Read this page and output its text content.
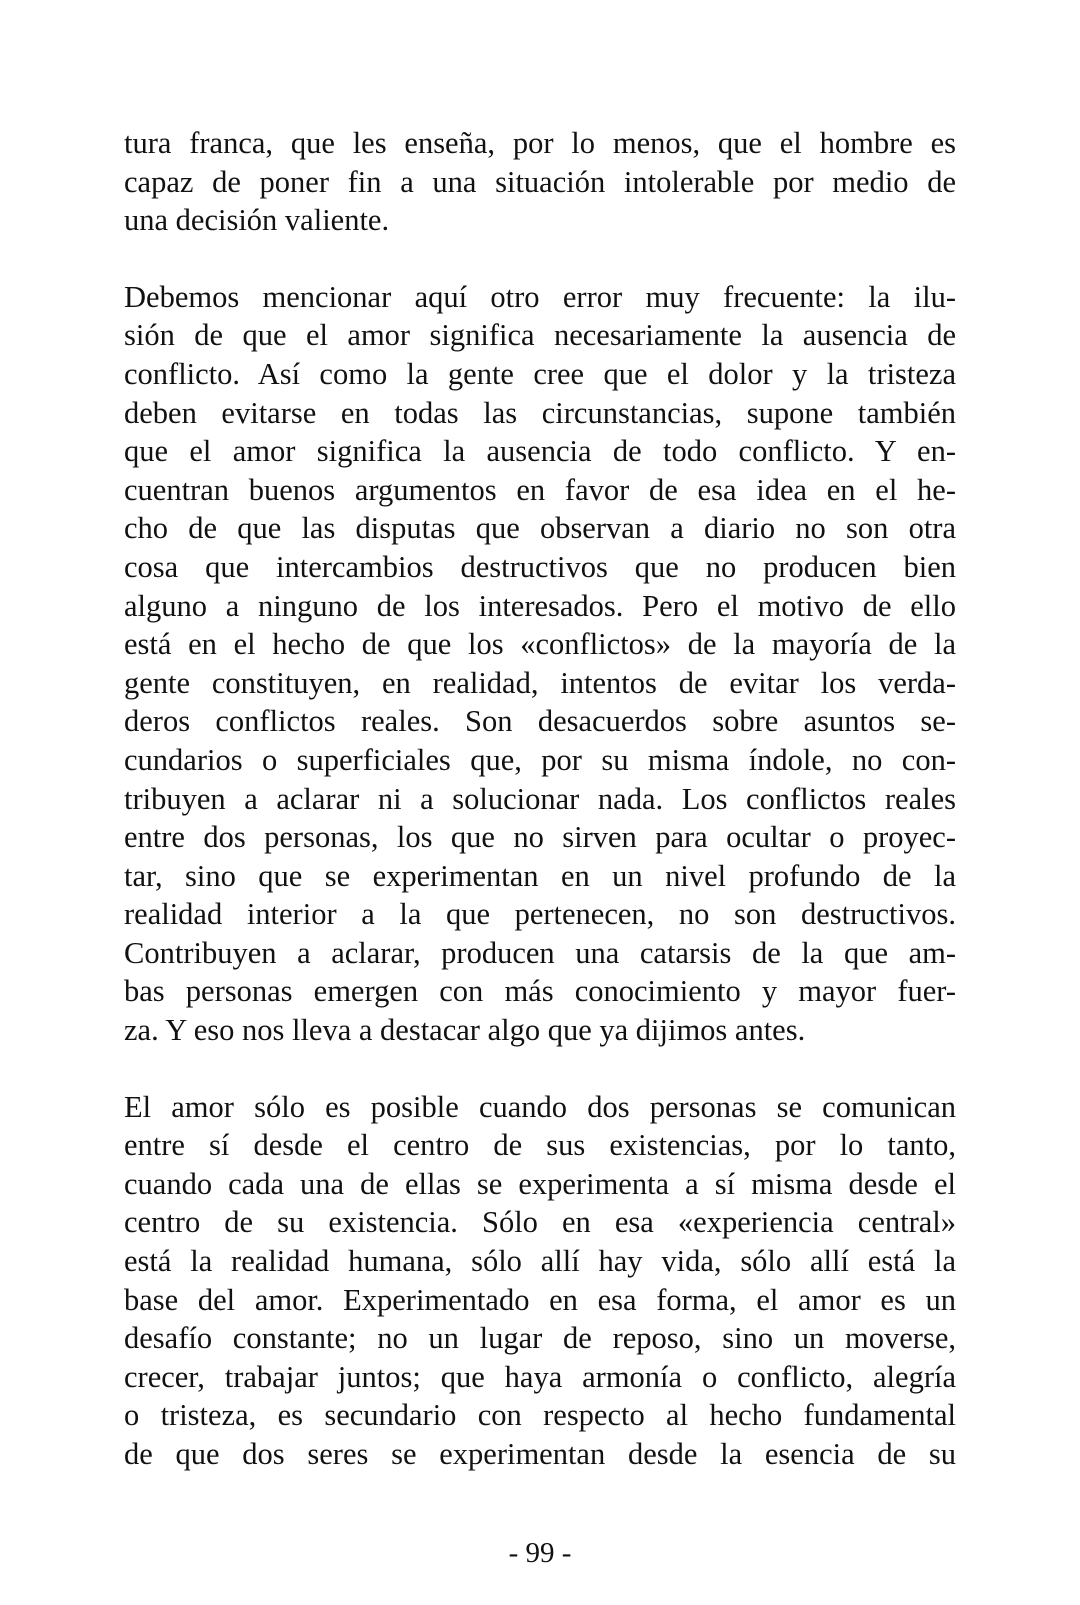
tura franca, que les enseña, por lo menos, que el hombre es
capaz de poner fin a una situación intolerable por medio de
una decisión valiente.
Debemos mencionar aquí otro error muy frecuente: la ilu-
sión de que el amor significa necesariamente la ausencia de
conflicto. Así como la gente cree que el dolor y la tristeza
deben evitarse en todas las circunstancias, supone también
que el amor significa la ausencia de todo conflicto. Y en-
cuentran buenos argumentos en favor de esa idea en el he-
cho de que las disputas que observan a diario no son otra
cosa que intercambios destructivos que no producen bien
alguno a ninguno de los interesados. Pero el motivo de ello
está en el hecho de que los «conflictos» de la mayoría de la
gente constituyen, en realidad, intentos de evitar los verda-
deros conflictos reales. Son desacuerdos sobre asuntos se-
cundarios o superficiales que, por su misma índole, no con-
tribuyen a aclarar ni a solucionar nada. Los conflictos reales
entre dos personas, los que no sirven para ocultar o proyec-
tar, sino que se experimentan en un nivel profundo de la
realidad interior a la que pertenecen, no son destructivos.
Contribuyen a aclarar, producen una catarsis de la que am-
bas personas emergen con más conocimiento y mayor fuer-
za. Y eso nos lleva a destacar algo que ya dijimos antes.
El amor sólo es posible cuando dos personas se comunican
entre sí desde el centro de sus existencias, por lo tanto,
cuando cada una de ellas se experimenta a sí misma desde el
centro de su existencia. Sólo en esa «experiencia central»
está la realidad humana, sólo allí hay vida, sólo allí está la
base del amor. Experimentado en esa forma, el amor es un
desafío constante; no un lugar de reposo, sino un moverse,
crecer, trabajar juntos; que haya armonía o conflicto, alegría
o tristeza, es secundario con respecto al hecho fundamental
de que dos seres se experimentan desde la esencia de su
- 99 -
